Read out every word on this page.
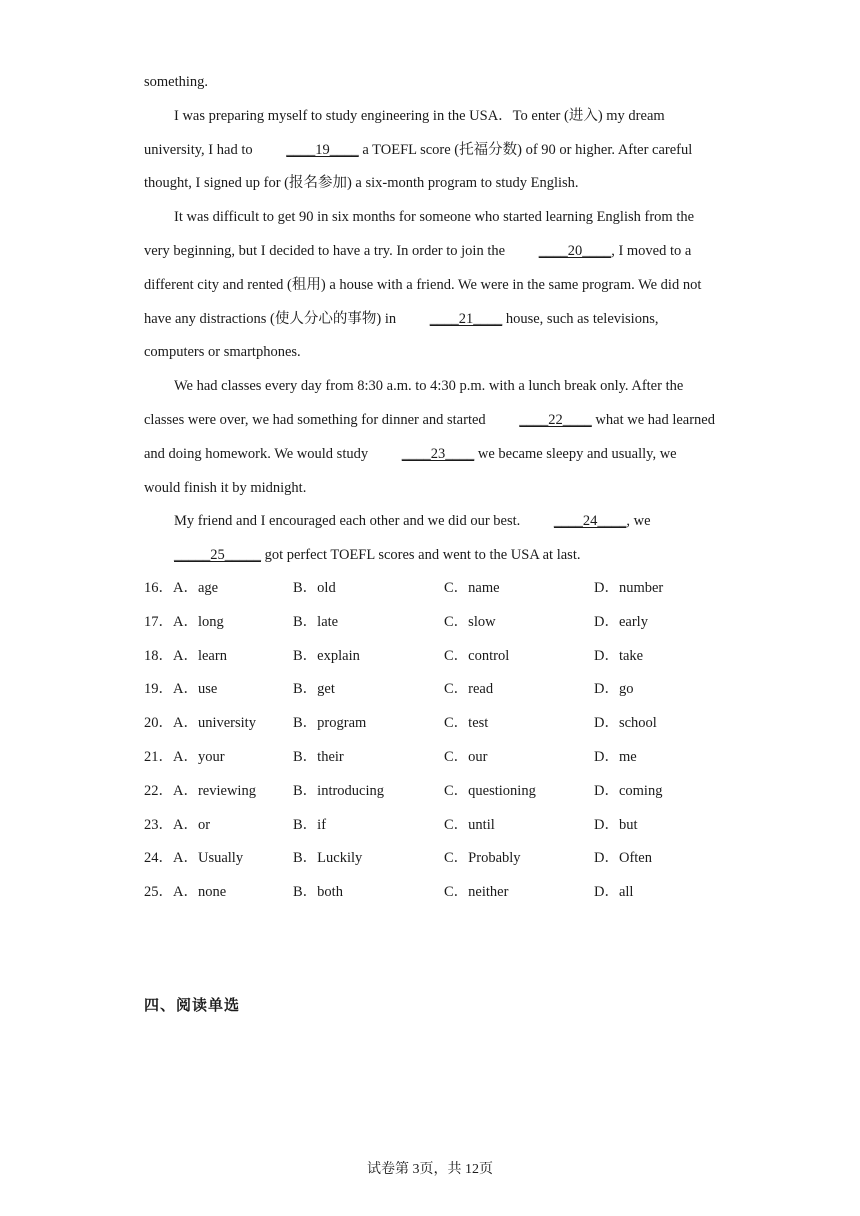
something.

I was preparing myself to study engineering in the USA．To enter (进入) my dream university, I had to ____19____ a TOEFL score (托福分数) of 90 or higher. After careful thought, I signed up for (报名参加) a six-month program to study English.

It was difficult to get 90 in six months for someone who started learning English from the very beginning, but I decided to have a try. In order to join the ____20____, I moved to a different city and rented (租用) a house with a friend. We were in the same program. We did not have any distractions (使人分心的事物) in ____21____ house, such as televisions, computers or smartphones.

We had classes every day from 8:30 a.m. to 4:30 p.m. with a lunch break only. After the classes were over, we had something for dinner and started ____22____ what we had learned and doing homework. We would study ____23____ we became sleepy and usually, we would finish it by midnight.

My friend and I encouraged each other and we did our best. ____24____, we _____25_____ got perfect TOEFL scores and went to the USA at last.

16．A．age	B．old	C．name	D．number
17．A．long	B．late	C．slow	D．early
18．A．learn	B．explain	C．control	D．take
19．A．use	B．get	C．read	D．go
20．A．university	B．program	C．test	D．school
21．A．your	B．their	C．our	D．me
22．A．reviewing	B．introducing	C．questioning	D．coming
23．A．or	B．if	C．until	D．but
24．A．Usually	B．Luckily	C．Probably	D．Often
25．A．none	B．both	C．neither	D．all
四、阅读单选
试卷第 3页，共 12页
